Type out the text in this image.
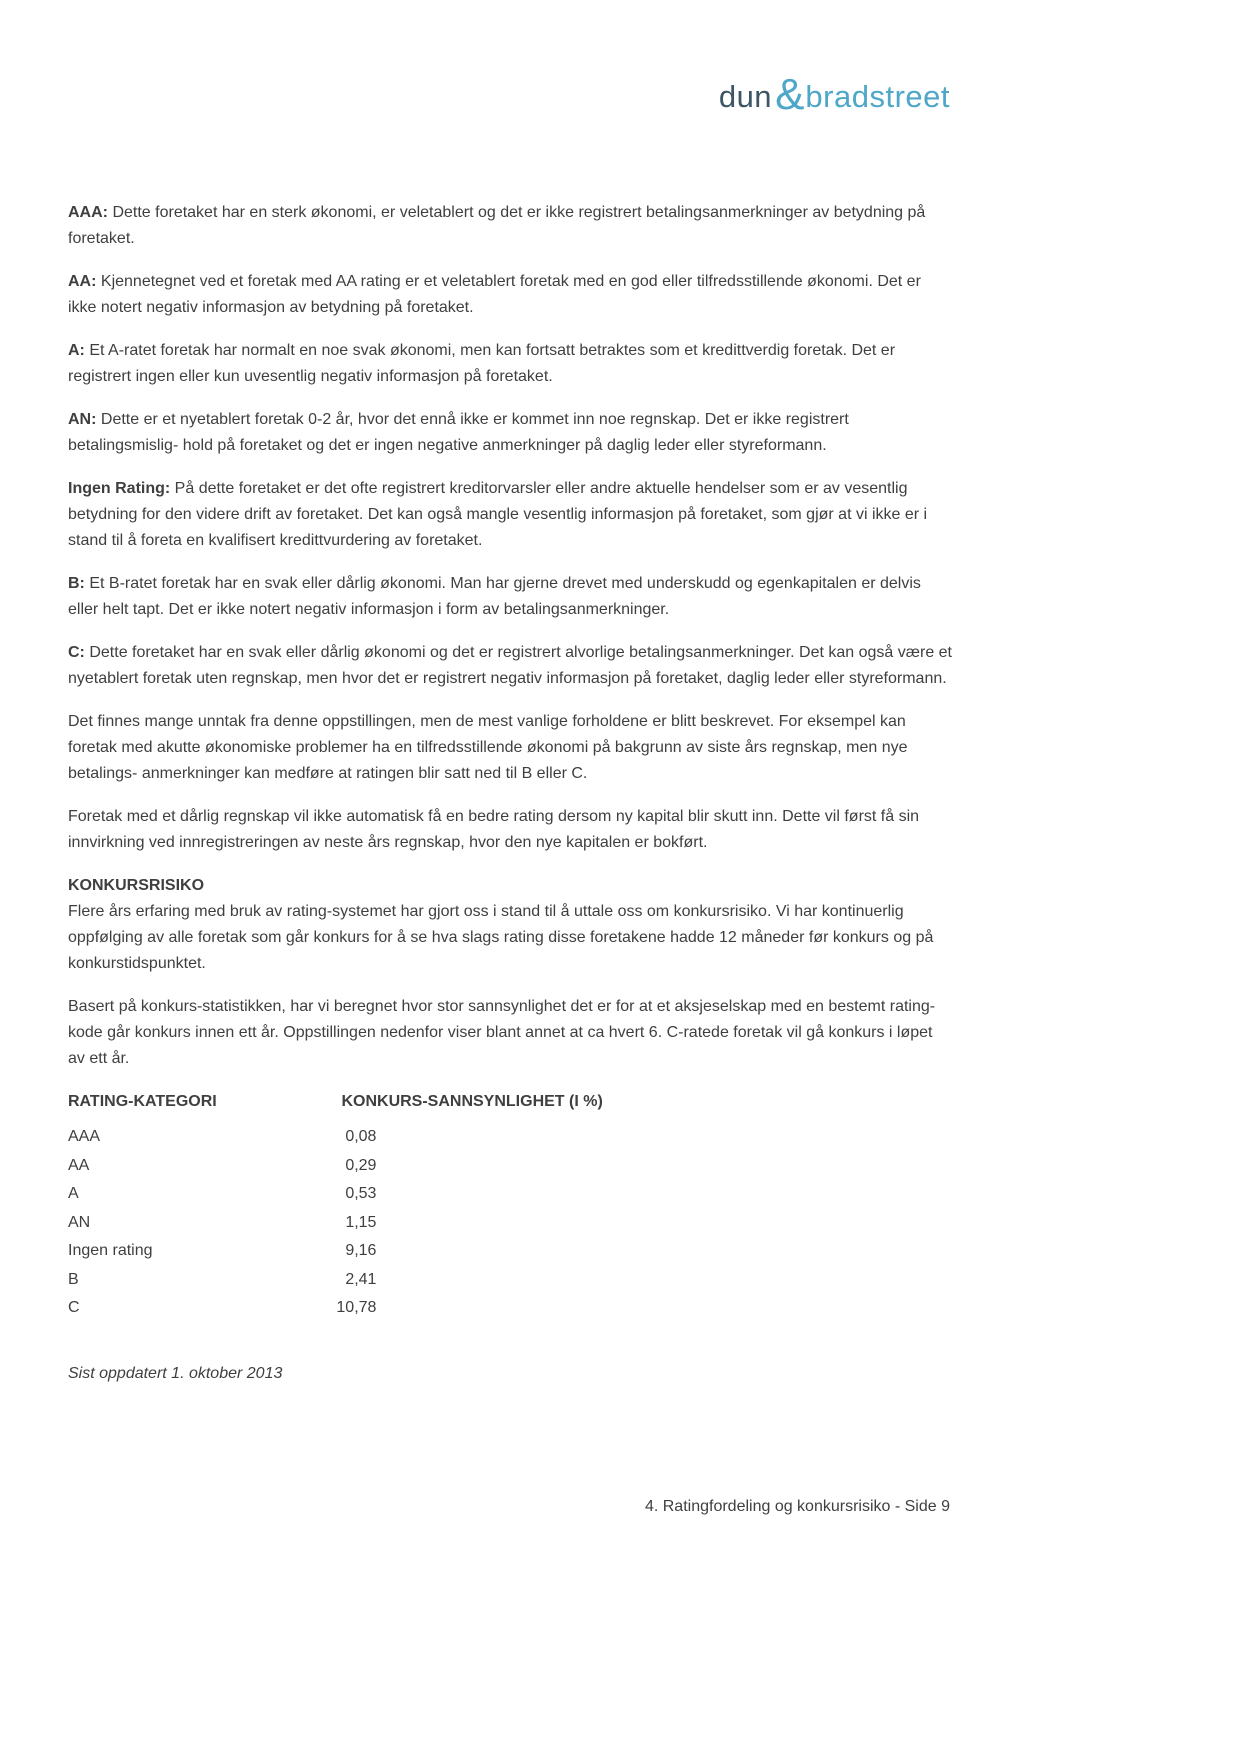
dun & bradstreet

AAA: Dette foretaket har en sterk økonomi, er veletablert og det er ikke registrert betalingsanmerkninger av betydning på foretaket.

AA: Kjennetegnet ved et foretak med AA rating er et veletablert foretak med en god eller tilfredsstillende økonomi. Det er ikke notert negativ informasjon av betydning på foretaket.

A: Et A-ratet foretak har normalt en noe svak økonomi, men kan fortsatt betraktes som et kredittverdig foretak. Det er registrert ingen eller kun uvesentlig negativ informasjon på foretaket.

AN: Dette er et nyetablert foretak 0-2 år, hvor det ennå ikke er kommet inn noe regnskap. Det er ikke registrert betalingsmislig- hold på foretaket og det er ingen negative anmerkninger på daglig leder eller styreformann.

Ingen Rating: På dette foretaket er det ofte registrert kreditorvarsler eller andre aktuelle hendelser som er av vesentlig betydning for den videre drift av foretaket. Det kan også mangle vesentlig informasjon på foretaket, som gjør at vi ikke er i stand til å foreta en kvalifisert kredittvurdering av foretaket.

B: Et B-ratet foretak har en svak eller dårlig økonomi. Man har gjerne drevet med underskudd og egenkapitalen er delvis eller helt tapt. Det er ikke notert negativ informasjon i form av betalingsanmerkninger.

C: Dette foretaket har en svak eller dårlig økonomi og det er registrert alvorlige betalingsanmerkninger. Det kan også være et nyetablert foretak uten regnskap, men hvor det er registrert negativ informasjon på foretaket, daglig leder eller styreformann.

Det finnes mange unntak fra denne oppstillingen, men de mest vanlige forholdene er blitt beskrevet. For eksempel kan foretak med akutte økonomiske problemer ha en tilfredsstillende økonomi på bakgrunn av siste års regnskap, men nye betalings- anmerkninger kan medføre at ratingen blir satt ned til B eller C.

Foretak med et dårlig regnskap vil ikke automatisk få en bedre rating dersom ny kapital blir skutt inn. Dette vil først få sin innvirkning ved innregistreringen av neste års regnskap, hvor den nye kapitalen er bokført.

KONKURSRISIKO

Flere års erfaring med bruk av rating-systemet har gjort oss i stand til å uttale oss om konkursrisiko. Vi har kontinuerlig oppfølging av alle foretak som går konkurs for å se hva slags rating disse foretakene hadde 12 måneder før konkurs og på konkurstidspunktet.

Basert på konkurs-statistikken, har vi beregnet hvor stor sannsynlighet det er for at et aksjeselskap med en bestemt rating-kode går konkurs innen ett år. Oppstillingen nedenfor viser blant annet at ca hvert 6. C-ratede foretak vil gå konkurs i løpet av ett år.

RATING-KATEGORI	KONKURS-SANNSYNLIGHET (I %)
AAA	0,08
AA	0,29
A	0,53
AN	1,15
Ingen rating	9,16
B	2,41
C	10,78

Sist oppdatert 1. oktober 2013

4. Ratingfordeling og konkursrisiko - Side 9
